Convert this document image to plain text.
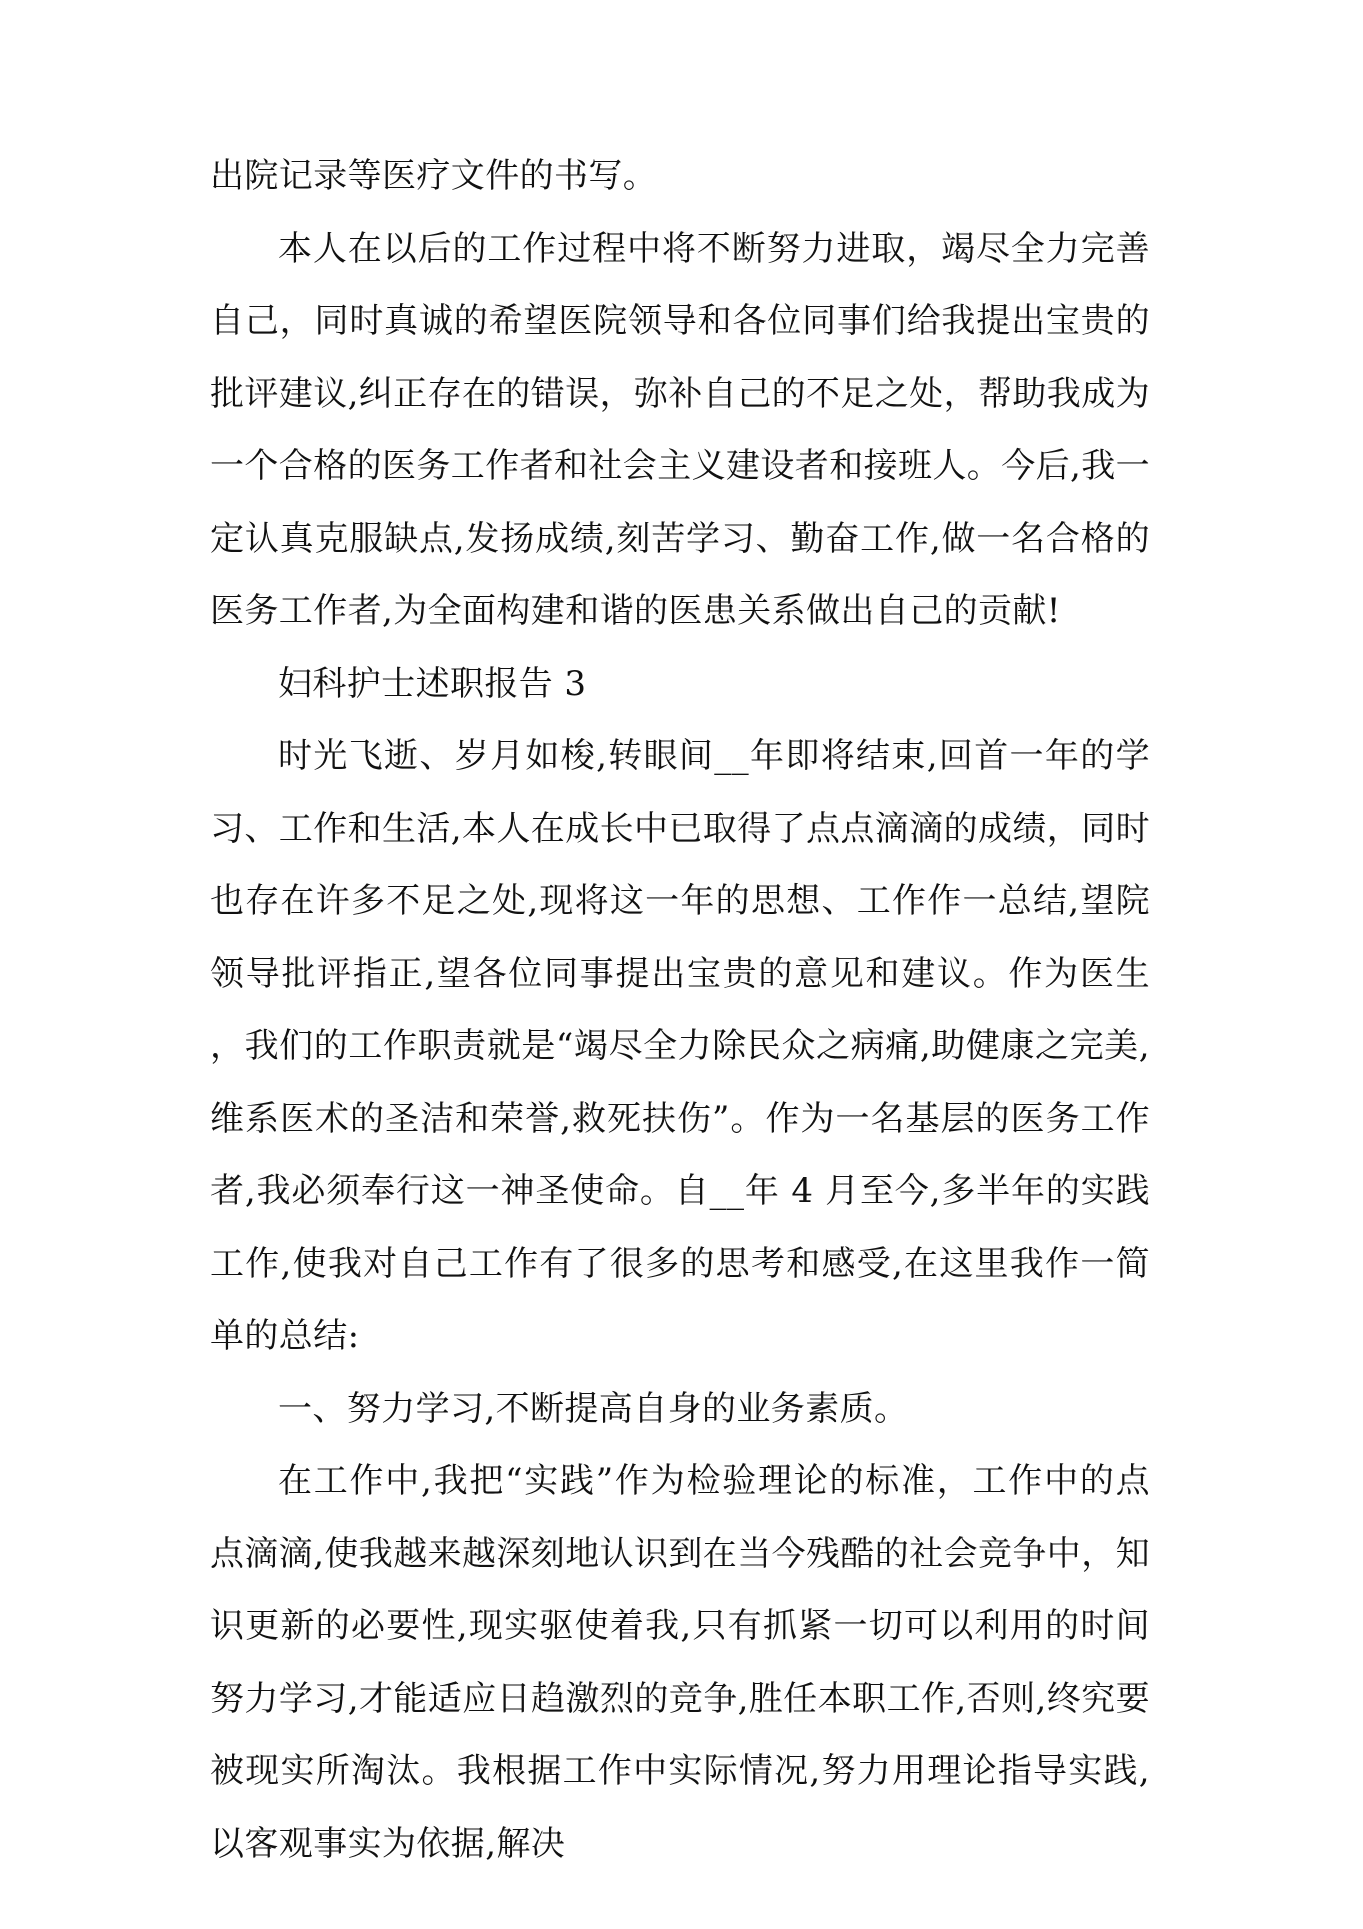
出院记录等医疗文件的书写。

本人在以后的工作过程中将不断努力进取，竭尽全力完善自己，同时真诚的希望医院领导和各位同事们给我提出宝贵的批评建议,纠正存在的错误，弥补自己的不足之处，帮助我成为一个合格的医务工作者和社会主义建设者和接班人。今后,我一定认真克服缺点,发扬成绩,刻苦学习、勤奋工作,做一名合格的医务工作者,为全面构建和谐的医患关系做出自己的贡献!

妇科护士述职报告 3

时光飞逝、岁月如梭,转眼间__年即将结束,回首一年的学习、工作和生活,本人在成长中已取得了点点滴滴的成绩，同时也存在许多不足之处,现将这一年的思想、工作作一总结,望院领导批评指正,望各位同事提出宝贵的意见和建议。作为医生 ，我们的工作职责就是“竭尽全力除民众之病痛,助健康之完美,维系医术的圣洁和荣誉,救死扶伤”。作为一名基层的医务工作者,我必须奉行这一神圣使命。自__年 4 月至今,多半年的实践工作,使我对自己工作有了很多的思考和感受,在这里我作一简单的总结:

一、努力学习,不断提高自身的业务素质。

在工作中,我把“实践”作为检验理论的标准，工作中的点点滴滴,使我越来越深刻地认识到在当今残酷的社会竞争中，知识更新的必要性,现实驱使着我,只有抓紧一切可以利用的时间努力学习,才能适应日趋激烈的竞争,胜任本职工作,否则,终究要被现实所淘汰。我根据工作中实际情况,努力用理论指导实践,以客观事实为依据,解决
